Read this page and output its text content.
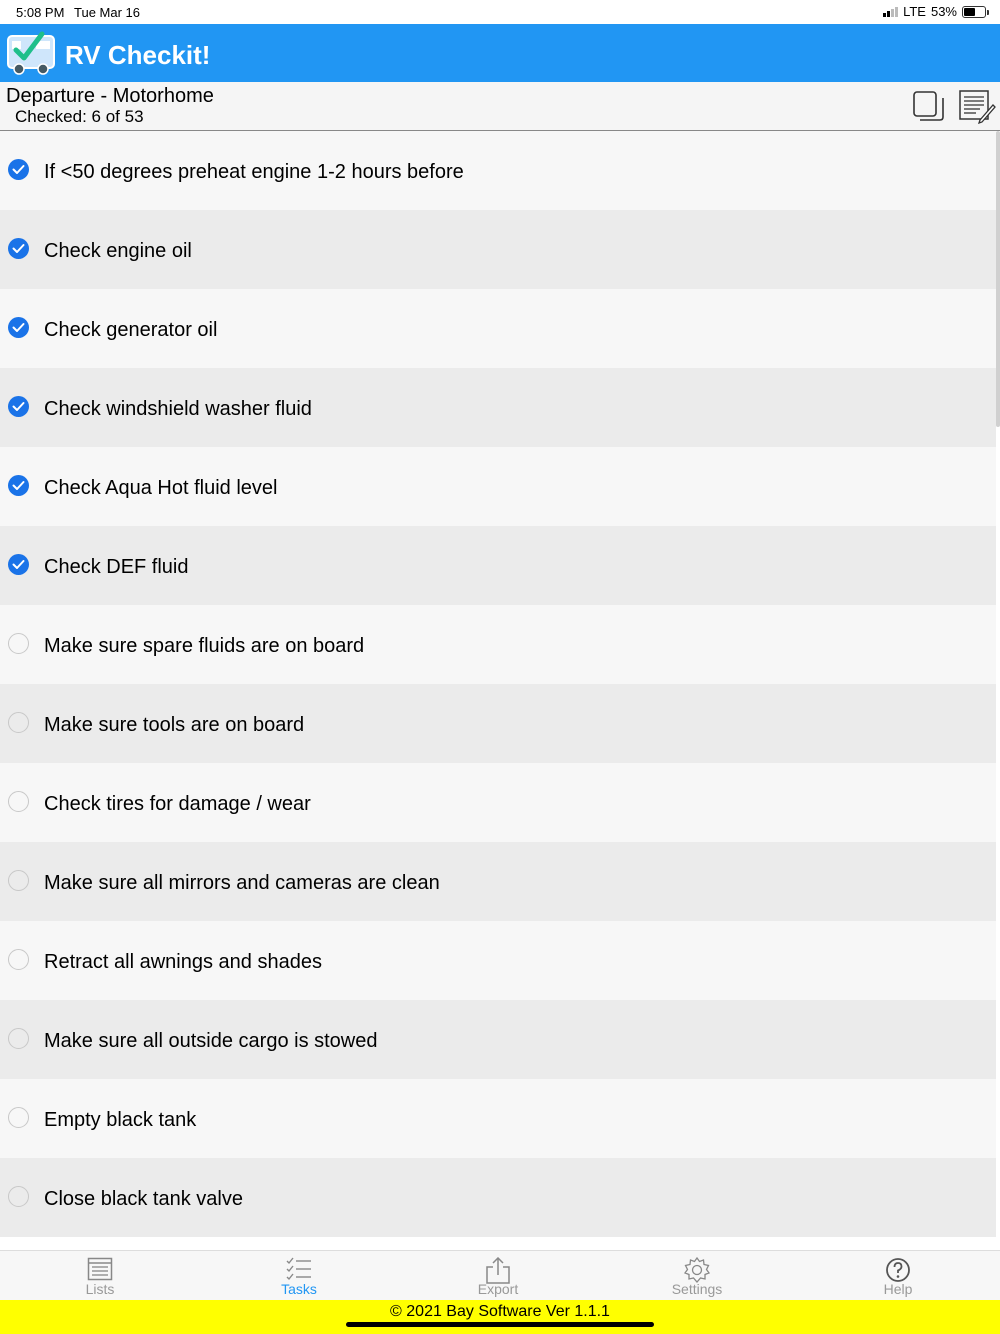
5:08 PM Tue Mar 16	LTE 53%
RV Checkit!
Departure - Motorhome
Checked: 6 of 53
If <50 degrees preheat engine 1-2 hours before
Check engine oil
Check generator oil
Check windshield washer fluid
Check Aqua Hot fluid level
Check DEF fluid
Make sure spare fluids are on board
Make sure tools are on board
Check tires for damage / wear
Make sure all mirrors and cameras are clean
Retract all awnings and shades
Make sure all outside cargo is stowed
Empty black tank
Close black tank valve
Lists	Tasks	Export	Settings	Help
© 2021 Bay Software Ver 1.1.1
